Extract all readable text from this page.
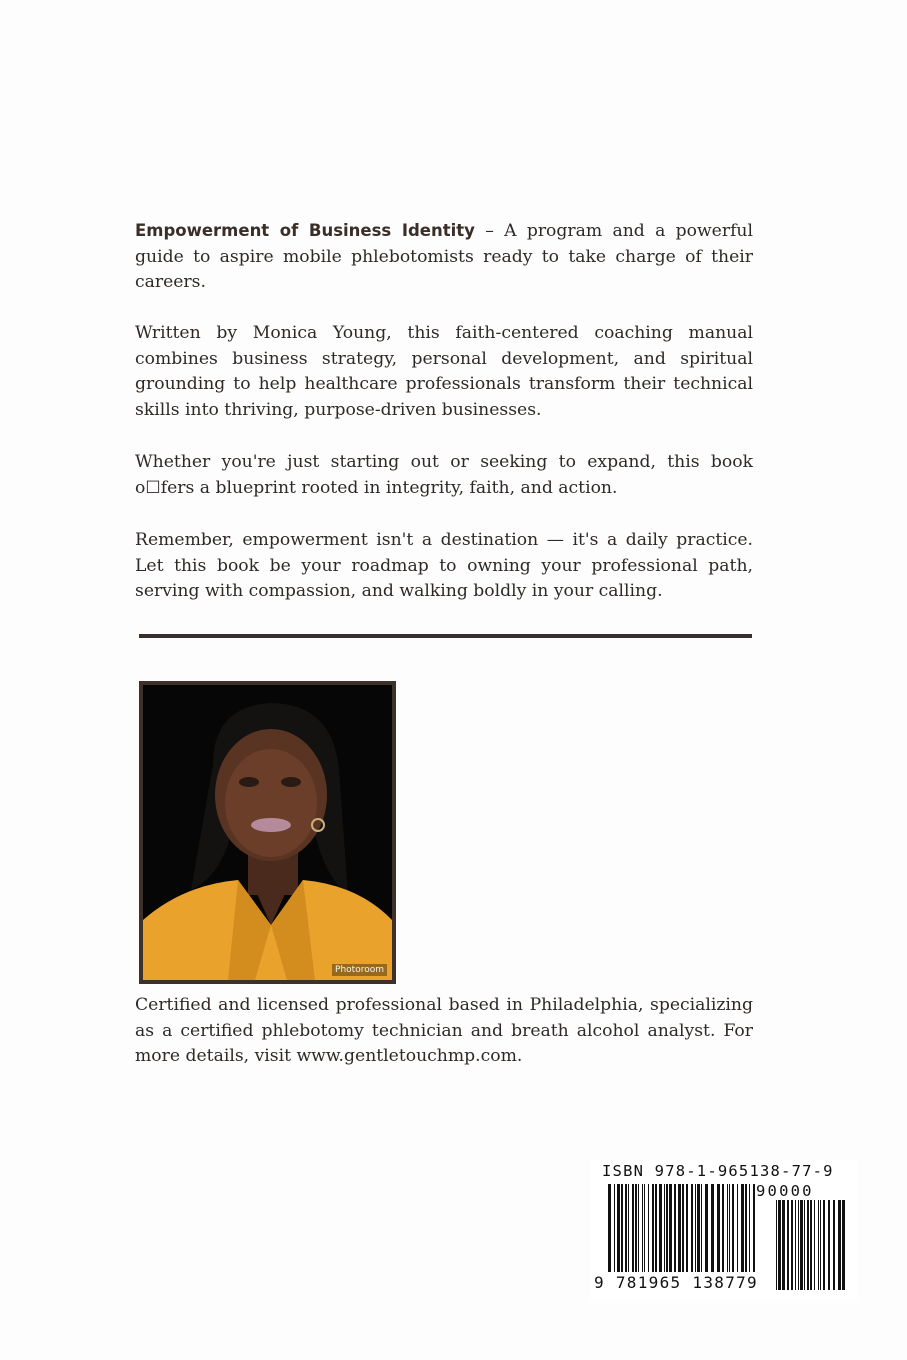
Empowerment of Business Identity – A program and a powerful guide to aspire mobile phlebotomists ready to take charge of their careers.

Written by Monica Young, this faith-centered coaching manual combines business strategy, personal development, and spiritual grounding to help healthcare professionals transform their technical skills into thriving, purpose-driven businesses.

Whether you're just starting out or seeking to expand, this book o☐fers a blueprint rooted in integrity, faith, and action.

Remember, empowerment isn't a destination — it's a daily practice. Let this book be your roadmap to owning your professional path, serving with compassion, and walking boldly in your calling.

Photoroom

Certified and licensed professional based in Philadelphia, specializing as a certified phlebotomy technician and breath alcohol analyst. For more details, visit www.gentletouchmp.com.

ISBN 978-1-965138-77-9
90000
9 781965 138779
